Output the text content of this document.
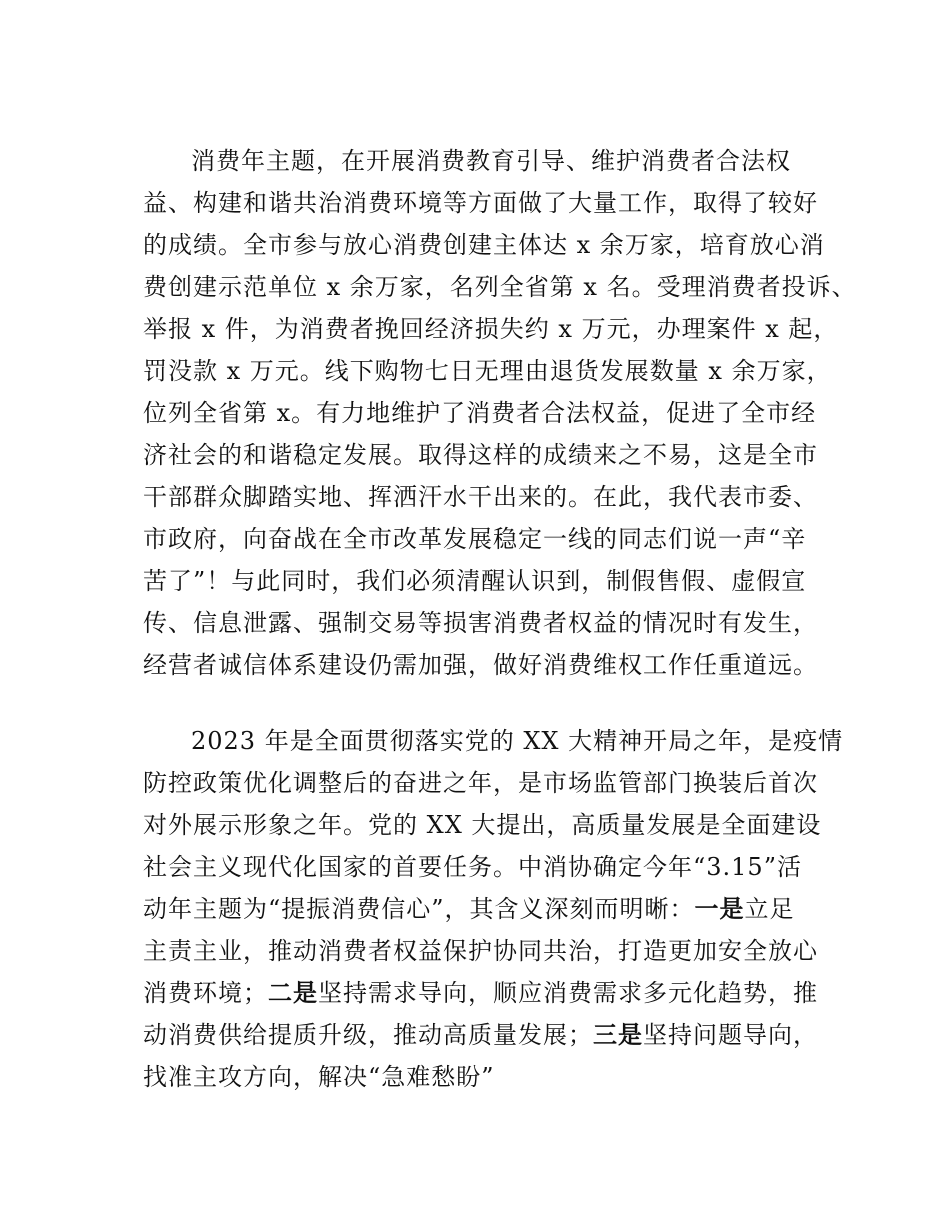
消费年主题，在开展消费教育引导、维护消费者合法权
益、构建和谐共治消费环境等方面做了大量工作，取得了较好
的成绩。全市参与放心消费创建主体达 x 余万家，培育放心消
费创建示范单位 x 余万家，名列全省第 x 名。受理消费者投诉、
举报 x 件，为消费者挽回经济损失约 x 万元，办理案件 x 起，
罚没款 x 万元。线下购物七日无理由退货发展数量 x 余万家，
位列全省第 x。有力地维护了消费者合法权益，促进了全市经
济社会的和谐稳定发展。取得这样的成绩来之不易，这是全市
干部群众脚踏实地、挥洒汗水干出来的。在此，我代表市委、
市政府，向奋战在全市改革发展稳定一线的同志们说一声“辛
苦了”！与此同时，我们必须清醒认识到，制假售假、虚假宣
传、信息泄露、强制交易等损害消费者权益的情况时有发生，
经营者诚信体系建设仍需加强，做好消费维权工作任重道远。
2023 年是全面贯彻落实党的 XX 大精神开局之年，是疫情
防控政策优化调整后的奋进之年，是市场监管部门换装后首次
对外展示形象之年。党的 XX 大提出，高质量发展是全面建设
社会主义现代化国家的首要任务。中消协确定今年“3.15”活
动年主题为“提振消费信心”，其含义深刻而明晰：一是立足
主责主业，推动消费者权益保护协同共治，打造更加安全放心
消费环境；二是坚持需求导向，顺应消费需求多元化趋势，推
动消费供给提质升级，推动高质量发展；三是坚持问题导向，
找准主攻方向，解决“急难愁盼”
